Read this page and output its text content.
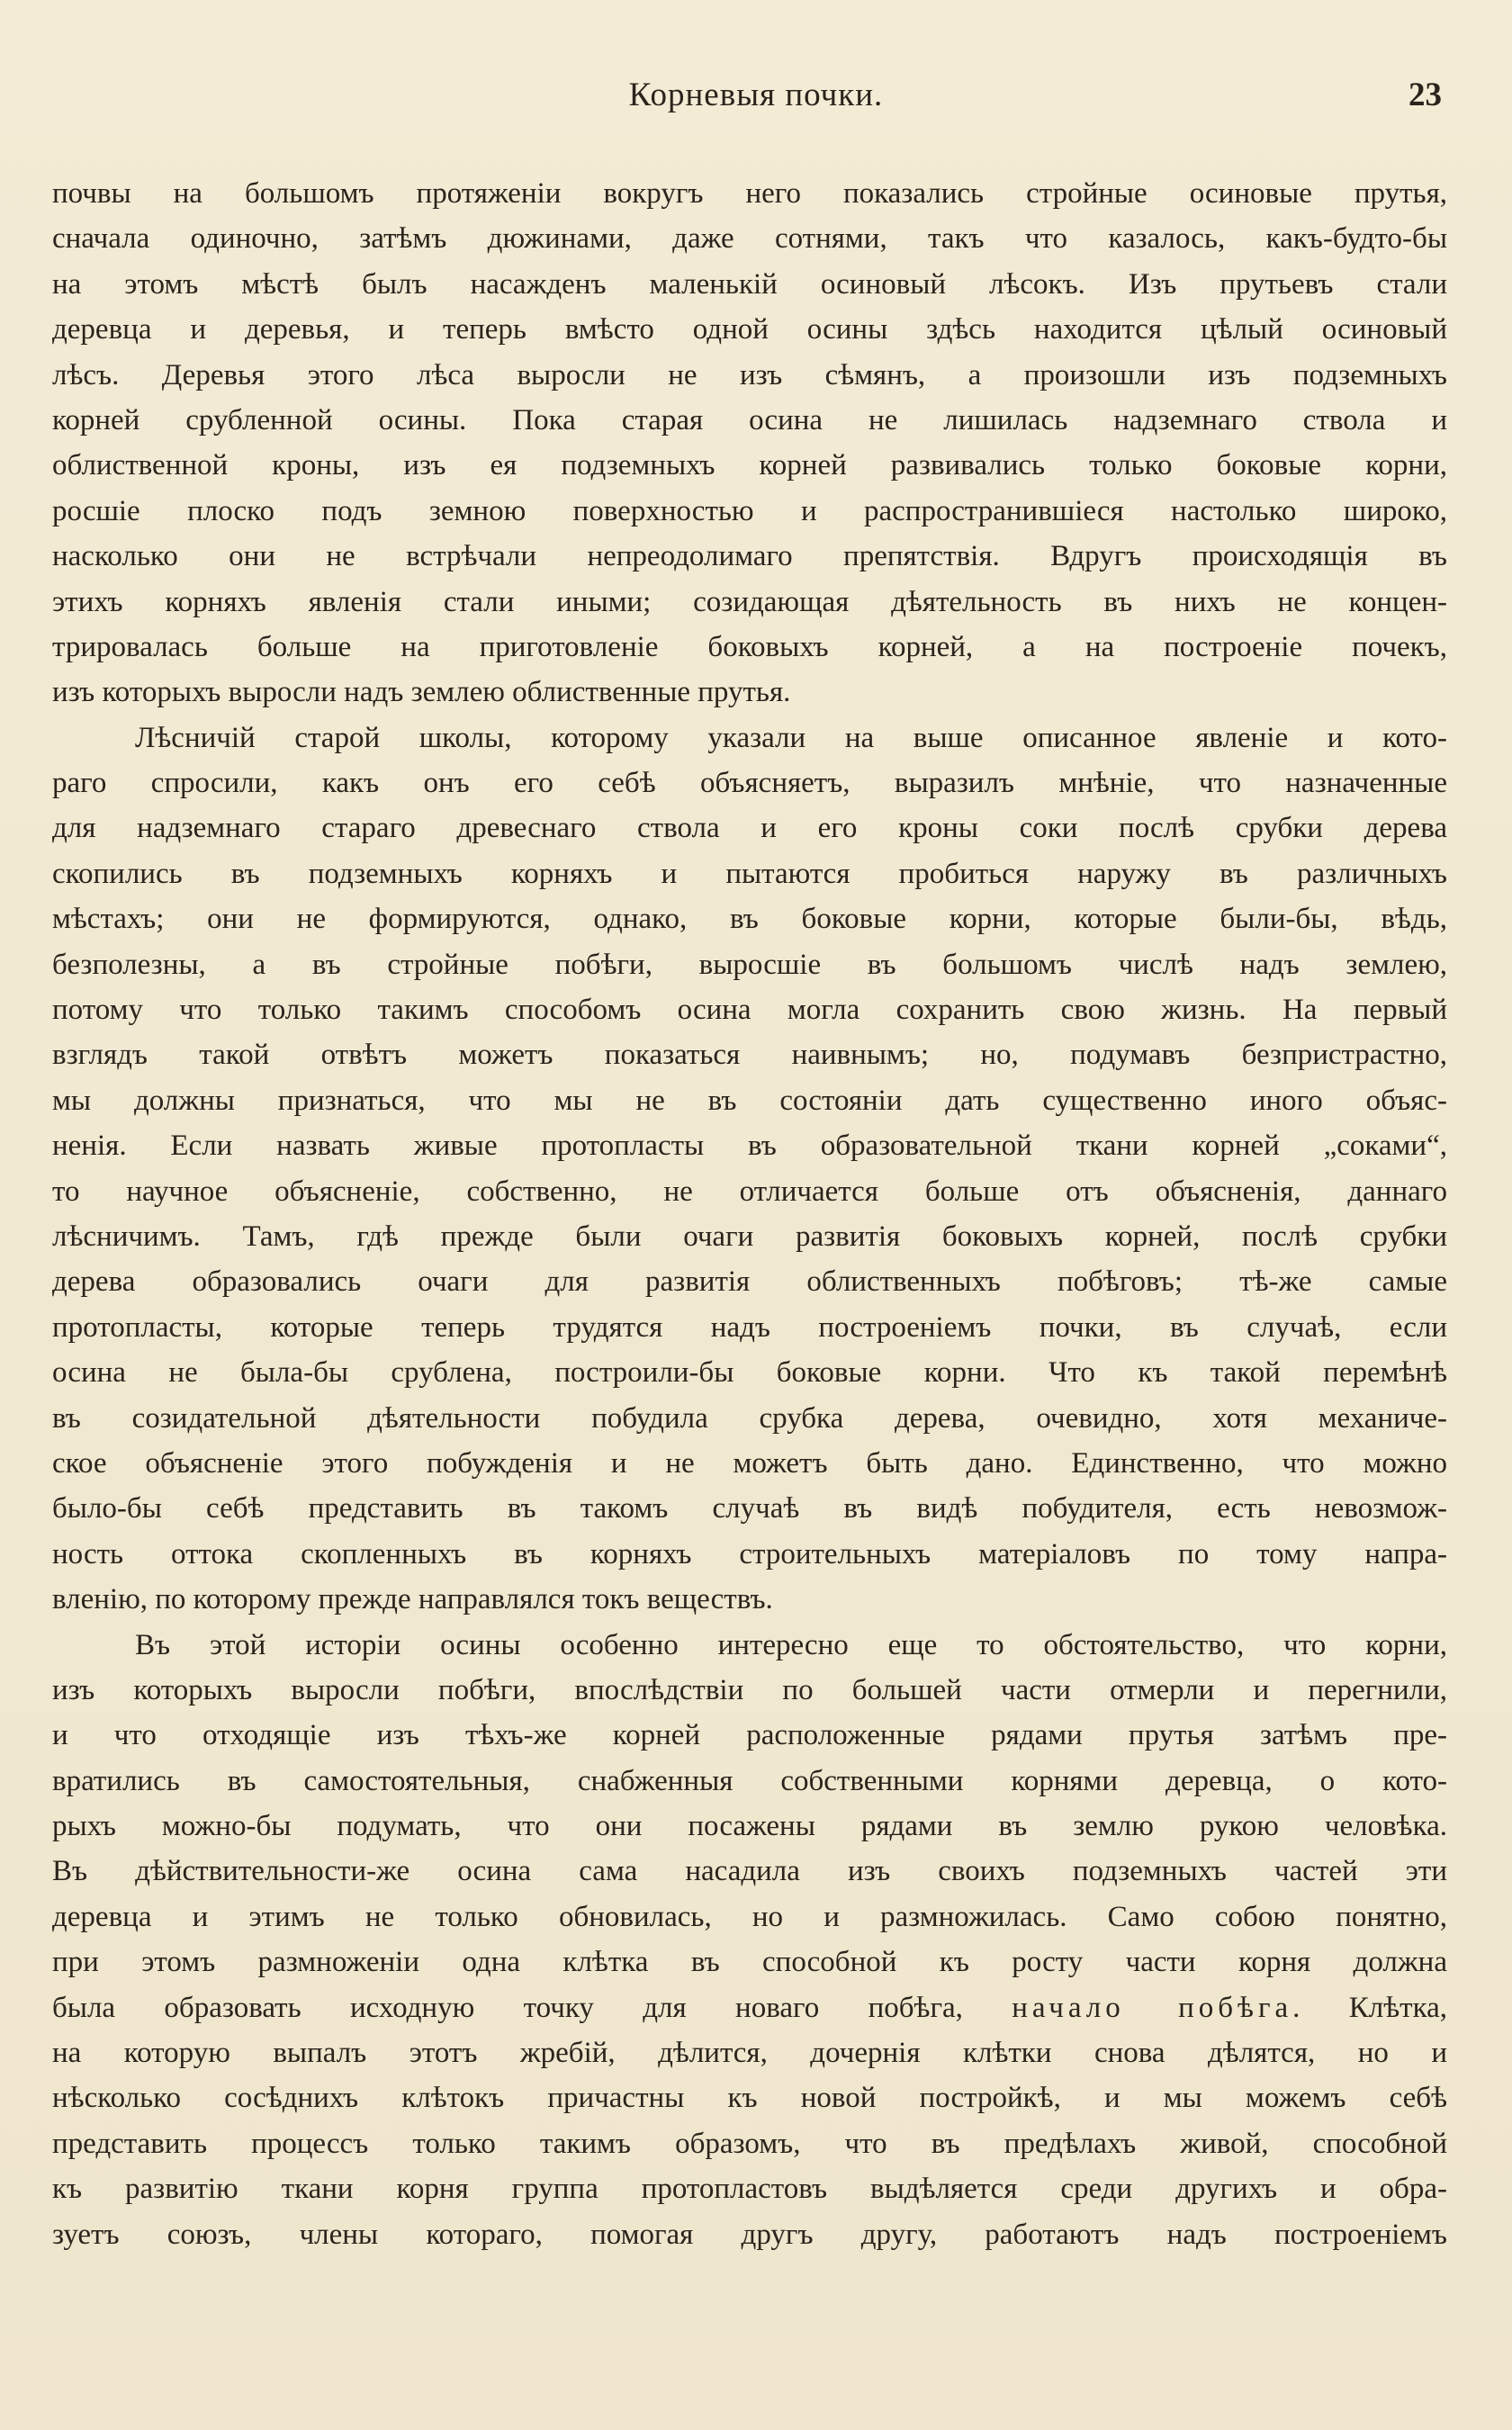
Корневыя почки.	23
почвы на большомъ протяженіи вокругъ него показались стройные осиновые прутья,
сначала одиночно, затѣмъ дюжинами, даже сотнями, такъ что казалось, какъ-будто-бы
на этомъ мѣстѣ былъ насажденъ маленькій осиновый лѣсокъ. Изъ прутьевъ стали
деревца и деревья, и теперь вмѣсто одной осины здѣсь находится цѣлый осиновый
лѣсъ. Деревья этого лѣса выросли не изъ сѣмянъ, а произошли изъ подземныхъ
корней срубленной осины. Пока старая осина не лишилась надземнаго ствола и
облиственной кроны, изъ ея подземныхъ корней развивались только боковые корни,
росшіе плоско подъ земною поверхностью и распространившіеся настолько широко,
насколько они не встрѣчали непреодолимаго препятствія. Вдругъ происходящія въ
этихъ корняхъ явленія стали иными; созидающая дѣятельность въ нихъ не концен-
трировалась больше на приготовленіе боковыхъ корней, а на построеніе почекъ,
изъ которыхъ выросли надъ землею облиственные прутья.
Лѣсничій старой школы, которому указали на выше описанное явленіе и кото-
раго спросили, какъ онъ его себѣ объясняетъ, выразилъ мнѣніе, что назначенные
для надземнаго стараго древеснаго ствола и его кроны соки послѣ срубки дерева
скопились въ подземныхъ корняхъ и пытаются пробиться наружу въ различныхъ
мѣстахъ; они не формируются, однако, въ боковые корни, которые были-бы, вѣдь,
безполезны, а въ стройные побѣги, выросшіе въ большомъ числѣ надъ землею,
потому что только такимъ способомъ осина могла сохранить свою жизнь. На первый
взглядъ такой отвѣтъ можетъ показаться наивнымъ; но, подумавъ безпристрастно,
мы должны признаться, что мы не въ состояніи дать существенно иного объяс-
ненія. Если назвать живые протопласты въ образовательной ткани корней „соками“,
то научное объясненіе, собственно, не отличается больше отъ объясненія, даннаго
лѣсничимъ. Тамъ, гдѣ прежде были очаги развитія боковыхъ корней, послѣ срубки
дерева образовались очаги для развитія облиственныхъ побѣговъ; тѣ-же самые
протопласты, которые теперь трудятся надъ построеніемъ почки, въ случаѣ, если
осина не была-бы срублена, построили-бы боковые корни. Что къ такой перемѣнѣ
въ созидательной дѣятельности побудила срубка дерева, очевидно, хотя механиче-
ское объясненіе этого побужденія и не можетъ быть дано. Единственно, что можно
было-бы себѣ представить въ такомъ случаѣ въ видѣ побудителя, есть невозмож-
ность оттока скопленныхъ въ корняхъ строительныхъ матеріаловъ по тому напра-
вленію, по которому прежде направлялся токъ веществъ.
Въ этой исторіи осины особенно интересно еще то обстоятельство, что корни,
изъ которыхъ выросли побѣги, впослѣдствіи по большей части отмерли и перегнили,
и что отходящіе изъ тѣхъ-же корней расположенные рядами прутья затѣмъ пре-
вратились въ самостоятельныя, снабженныя собственными корнями деревца, о кото-
рыхъ можно-бы подумать, что они посажены рядами въ землю рукою человѣка.
Въ дѣйствительности-же осина сама насадила изъ своихъ подземныхъ частей эти
деревца и этимъ не только обновилась, но и размножилась. Само собою понятно,
при этомъ размноженіи одна клѣтка въ способной къ росту части корня должна
была образовать исходную точку для новаго побѣга, начало побѣга. Клѣтка,
на которую выпалъ этотъ жребій, дѣлится, дочернія клѣтки снова дѣлятся, но и
нѣсколько сосѣднихъ клѣтокъ причастны къ новой постройкѣ, и мы можемъ себѣ
представить процессъ только такимъ образомъ, что въ предѣлахъ живой, способной
къ развитію ткани корня группа протопластовъ выдѣляется среди другихъ и обра-
зуетъ союзъ, члены котораго, помогая другъ другу, работаютъ надъ построеніемъ
